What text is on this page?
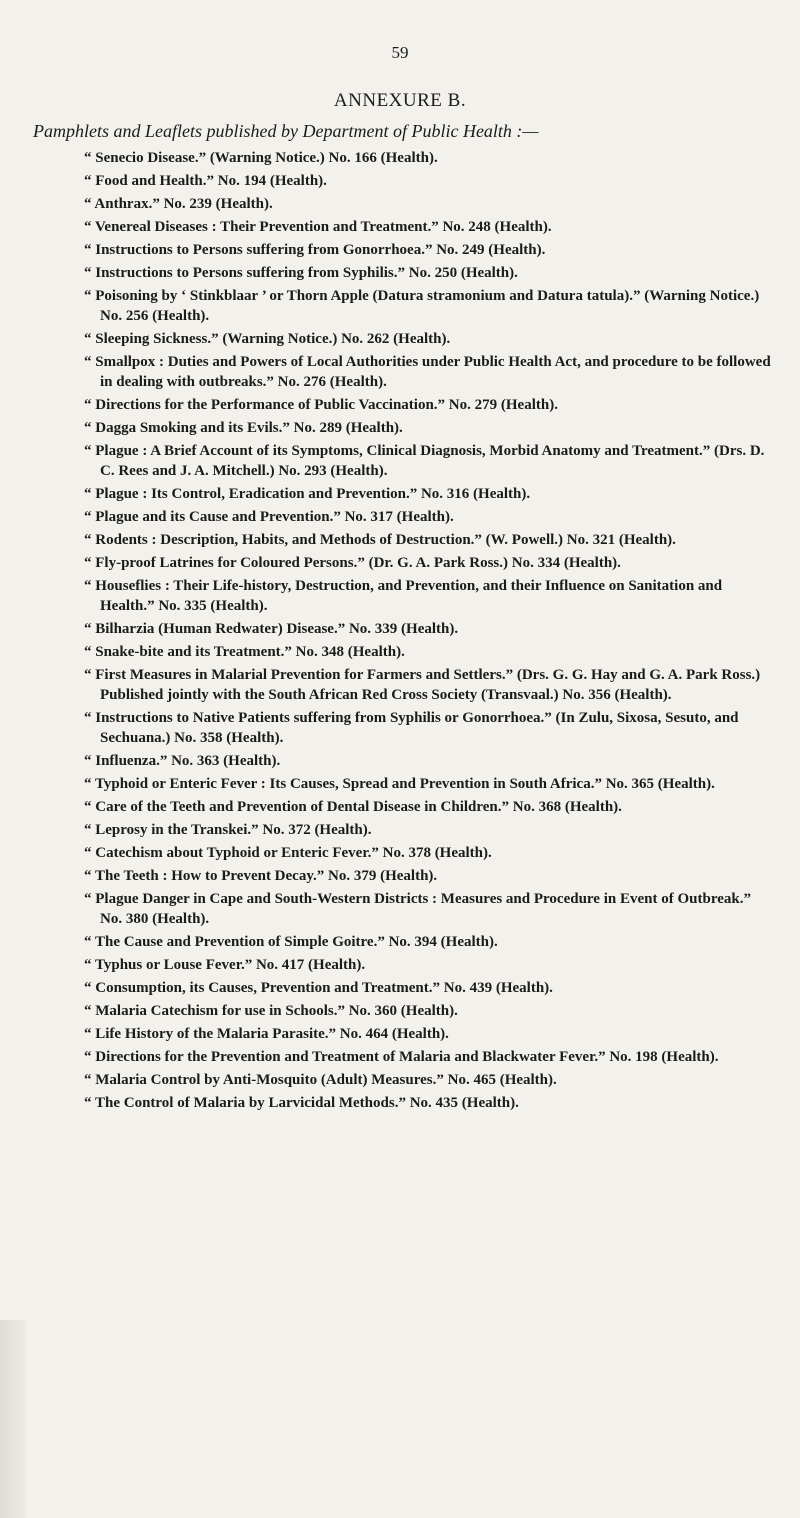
59
ANNEXURE B.
Pamphlets and Leaflets published by Department of Public Health :—
“ Senecio Disease.” (Warning Notice.) No. 166 (Health).
“ Food and Health.” No. 194 (Health).
“ Anthrax.” No. 239 (Health).
“ Venereal Diseases : Their Prevention and Treatment.” No. 248 (Health).
“ Instructions to Persons suffering from Gonorrhoea.” No. 249 (Health).
“ Instructions to Persons suffering from Syphilis.” No. 250 (Health).
“ Poisoning by ‘ Stinkblaar ’ or Thorn Apple (Datura stramonium and Datura tatula).” (Warning Notice.) No. 256 (Health).
“ Sleeping Sickness.” (Warning Notice.) No. 262 (Health).
“ Smallpox : Duties and Powers of Local Authorities under Public Health Act, and procedure to be followed in dealing with outbreaks.” No. 276 (Health).
“ Directions for the Performance of Public Vaccination.” No. 279 (Health).
“ Dagga Smoking and its Evils.” No. 289 (Health).
“ Plague : A Brief Account of its Symptoms, Clinical Diagnosis, Morbid Anatomy and Treatment.” (Drs. D. C. Rees and J. A. Mitchell.) No. 293 (Health).
“ Plague : Its Control, Eradication and Prevention.” No. 316 (Health).
“ Plague and its Cause and Prevention.” No. 317 (Health).
“ Rodents : Description, Habits, and Methods of Destruction.” (W. Powell.) No. 321 (Health).
“ Fly-proof Latrines for Coloured Persons.” (Dr. G. A. Park Ross.) No. 334 (Health).
“ Houseflies : Their Life-history, Destruction, and Prevention, and their Influence on Sanitation and Health.” No. 335 (Health).
“ Bilharzia (Human Redwater) Disease.” No. 339 (Health).
“ Snake-bite and its Treatment.” No. 348 (Health).
“ First Measures in Malarial Prevention for Farmers and Settlers.” (Drs. G. G. Hay and G. A. Park Ross.) Published jointly with the South African Red Cross Society (Transvaal.) No. 356 (Health).
“ Instructions to Native Patients suffering from Syphilis or Gonorrhoea.” (In Zulu, Sixosa, Sesuto, and Sechuana.) No. 358 (Health).
“ Influenza.” No. 363 (Health).
“ Typhoid or Enteric Fever : Its Causes, Spread and Prevention in South Africa.” No. 365 (Health).
“ Care of the Teeth and Prevention of Dental Disease in Children.” No. 368 (Health).
“ Leprosy in the Transkei.” No. 372 (Health).
“ Catechism about Typhoid or Enteric Fever.” No. 378 (Health).
“ The Teeth : How to Prevent Decay.” No. 379 (Health).
“ Plague Danger in Cape and South-Western Districts : Measures and Procedure in Event of Outbreak.” No. 380 (Health).
“ The Cause and Prevention of Simple Goitre.” No. 394 (Health).
“ Typhus or Louse Fever.” No. 417 (Health).
“ Consumption, its Causes, Prevention and Treatment.” No. 439 (Health).
“ Malaria Catechism for use in Schools.” No. 360 (Health).
“ Life History of the Malaria Parasite.” No. 464 (Health).
“ Directions for the Prevention and Treatment of Malaria and Blackwater Fever.” No. 198 (Health).
“ Malaria Control by Anti-Mosquito (Adult) Measures.” No. 465 (Health).
“ The Control of Malaria by Larvicidal Methods.” No. 435 (Health).
